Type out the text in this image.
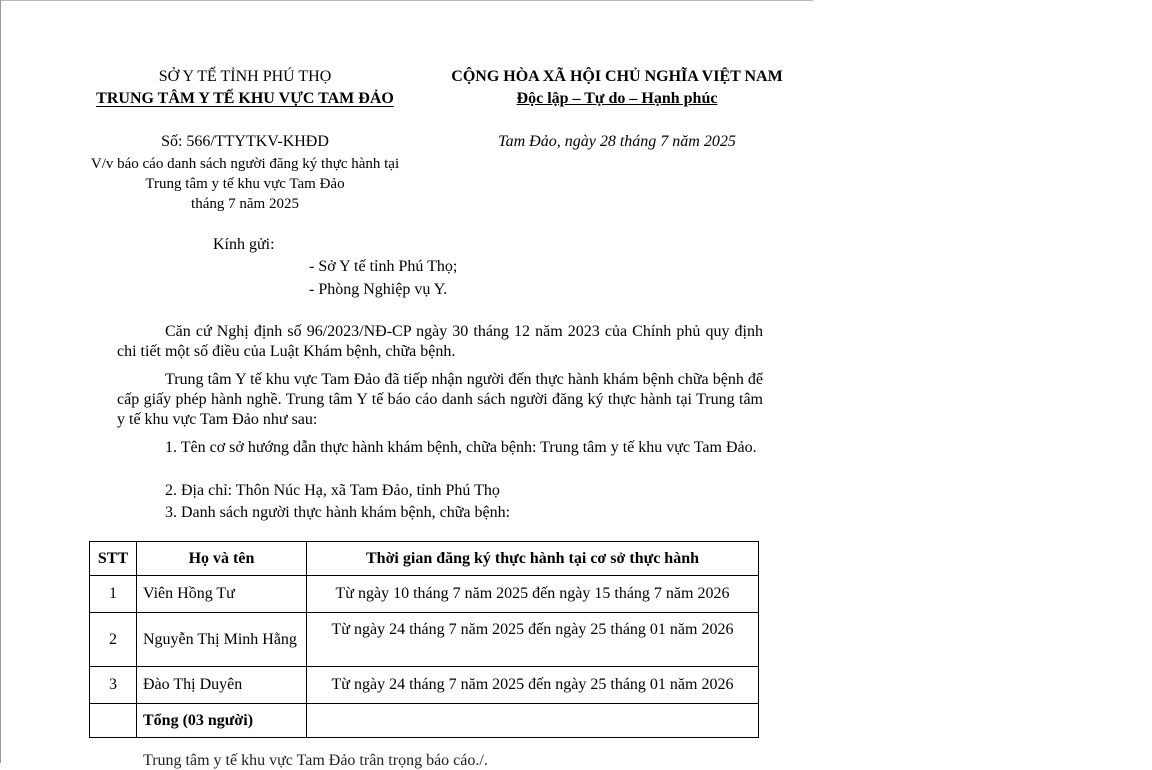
SỞ Y TẾ TỈNH PHÚ THỌ
TRUNG TÂM Y TẾ KHU VỰC TAM ĐẢO
CỘNG HÒA XÃ HỘI CHỦ NGHĨA VIỆT NAM
Độc lập – Tự do – Hạnh phúc
Số: 566/TTYTKV-KHĐD	Tam Đảo, ngày 28 tháng 7 năm 2025
V/v báo cáo danh sách người đăng ký thực hành tại
Trung tâm y tế khu vực Tam Đảo
tháng 7 năm 2025
Kính gửi:
- Sở Y tế tỉnh Phú Thọ;
- Phòng Nghiệp vụ Y.
Căn cứ Nghị định số 96/2023/NĐ-CP ngày 30 tháng 12 năm 2023 của Chính phủ quy định chi tiết một số điều của Luật Khám bệnh, chữa bệnh.
Trung tâm Y tế khu vực Tam Đảo đã tiếp nhận người đến thực hành khám bệnh chữa bệnh để cấp giấy phép hành nghề. Trung tâm Y tế báo cáo danh sách người đăng ký thực hành tại Trung tâm y tế khu vực Tam Đảo như sau:
1. Tên cơ sở hướng dẫn thực hành khám bệnh, chữa bệnh: Trung tâm y tế khu vực Tam Đảo.
2. Địa chỉ: Thôn Núc Hạ, xã Tam Đảo, tỉnh Phú Thọ
3. Danh sách người thực hành khám bệnh, chữa bệnh:
STT	Họ và tên	Thời gian đăng ký thực hành tại cơ sở thực hành
1	Viên Hồng Tư	Từ ngày 10 tháng 7 năm 2025 đến ngày 15 tháng 7 năm 2026
2	Nguyễn Thị Minh Hằng	Từ ngày 24 tháng 7 năm 2025 đến ngày 25 tháng 01 năm 2026
3	Đào Thị Duyên	Từ ngày 24 tháng 7 năm 2025 đến ngày 25 tháng 01 năm 2026
	Tổng (03 người)	
Trung tâm y tế khu vực Tam Đảo trân trọng báo cáo./.
